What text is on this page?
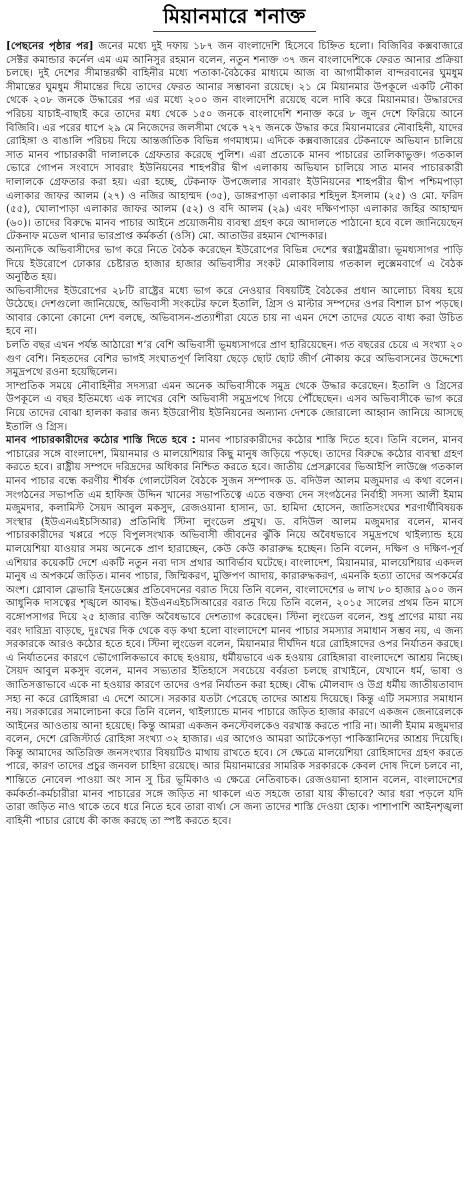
মিয়ানমারে শনাক্ত

[পেছনের পৃষ্ঠার পর] জনের মধ্যে দুই দফায় ১৮৭ জন বাংলাদেশি হিসেবে চিহ্নিত হলো। বিজিবির কক্সবাজারে সেক্টর কমান্ডার কর্নেল এম এম আনিসুর রহমান বলেন, নতুন শনাক্ত ৩৭ জন বাংলাদেশিকে ফেরত আনার প্রক্রিয়া চলছে। দুই দেশের সীমান্তরক্ষী বাহিনীর মধ্যে পতাকা-বৈঠকের মাধ্যমে আজ বা আগামীকাল বান্দরবানের ঘুমধুম সীমান্তের ঘুমধুম সীমান্তের দিয়ে তাদের ফেরত আনার সম্ভাবনা রয়েছে। ২১ মে মিয়ানমার উপকূলে একটি নৌকা থেকে ২০৮ জনকে উদ্ধারের পর এর মধ্যে ২০০ জন বাংলাদেশি রয়েছে বলে দাবি করে মিয়ানমার। উদ্ধারদের পরিচয় যাচাই-বাছাই করে তাদের মধ্য থেকে ১৫০ জনকে বাংলাদেশি শনাক্ত করে ৮ জুন দেশে ফিরিয়ে আনে বিজিবি। এর পরের ধাপে ২৯ মে নিজেদের জলসীমা থেকে ৭২৭ জনকে উদ্ধার করে মিয়ানমারের নৌবাহিনী, যাদের রোহিঙ্গা ও বাঙালি পরিচয় দিয়ে আন্তর্জাতিক বিভিন্ন গণমাধ্যম। এদিকে কক্সবাজারের টেকনাফে অভিযান চালিয়ে সাত মানব পাচারকারী দালালকে গ্রেফতার করেছে পুলিশ। এরা প্রত্যেকে মানব পাচারের তালিকাভুক্ত। গতকাল ভোরে গোপন সংবাদে সাবরাং ইউনিয়নের শাহপরীর দ্বীপ এলাকায় অভিযান চালিয়ে সাত মানব পাচারকারী দালালকে গ্রেফতার করা হয়। এরা হচ্ছে, টেকনাফ উপজেলার সাবরাং ইউনিয়নের শাহপরীর দ্বীপ পশ্চিমপাড়া এলাকার জাফর আলম (২৭) ও নজির আহাম্মদ (৩৫), ডাঙ্গরপাড়া এলাকার শহিদুল ইসলাম (২৫) ও মো. ফরিদ (৫৫), ঘোলাপাড়া এলাকার জাফর আলম (৫২) ও বদি আলম (২৯) এবং দক্ষিণপাড়া এলাকার জহির আহাম্মদ (৬০)। তাদের বিরুদ্ধে মানব পাচার আইনে প্রয়োজনীয় ব্যবস্থা গ্রহণ করে আদালতে পাঠানো হবে বলে জানিয়েছেন টেকনাফ মডেল থানার ভারপ্রাপ্ত কর্মকর্তা (ওসি) মো. আতাউর রহমান খোন্দকার।

অন্যদিকে অভিবাসীদের ভাগ করে নিতে বৈঠক করেছেন ইউরোপের বিভিন্ন দেশের স্বরাষ্ট্রমন্ত্রীরা। ভূমধ্যসাগর পাড়ি দিয়ে ইউরোপে ঢোকার চেষ্টারত হাজার হাজার অভিবাসীর সংকট মোকাবিলায় গতকাল লুক্সেমবার্গে এ বৈঠক অনুষ্ঠিত হয়।

অভিবাসীদের ইউরোপের ২৮টি রাষ্ট্রের মধ্যে ভাগ করে নেওয়ার বিষয়টিই বৈঠকের প্রধান আলোচ্য বিষয় হয়ে উঠেছে। দেশগুলো জানিয়েছে, অভিবাসী সংকটের ফলে ইতালি, গ্রিস ও মাল্টার সম্পদের ওপর বিশাল চাপ পড়ছে। আবার কোনো কোনো দেশ বলছে, অভিবাসন-প্রত্যাশীরা যেতে চায় না এমন দেশে তাদের যেতে বাধ্য করা উচিত হবে না।

চলতি বছর এখন পর্যন্ত আঠারো শ’র বেশি অভিবাসী ভূমধ্যসাগরে প্রাণ হারিয়েছেন। গত বছরের চেয়ে এ সংখ্যা ২০ গুণ বেশি। নিহতদের বেশির ভাগই সংঘাতপূর্ণ লিবিয়া ছেড়ে ছোট ছোট জীর্ণ নৌকায় করে অভিবাসনের উদ্দেশ্যে সমুদ্রপথে রওনা হয়েছিলেন।

সাম্প্রতিক সময়ে নৌবাহিনীর সদস্যরা এমন অনেক অভিবাসীকে সমুদ্র থেকে উদ্ধার করেছেন। ইতালি ও গ্রিসের উপকূলে এ বছর ইতিমধ্যে এক লাখের বেশি অভিবাসী সমুদ্রপথে গিয়ে পৌঁছেছেন। এসব অভিবাসীকে ভাগ করে নিয়ে তাদের বোঝা হালকা করার জন্য ইউরোপীয় ইউনিয়নের অন্যান্য দেশকে জোরালো আহ্বান জানিয়ে আসছে ইতালি ও গ্রিস।

মানব পাচারকারীদের কঠোর শাস্তি দিতে হবে : মানব পাচারকারীদের কঠোর শাস্তি দিতে হবে। তিনি বলেন, মানব পাচারের সঙ্গে বাংলাদেশ, মিয়ানমার ও মালয়েশিয়ার কিছু মানুষ জড়িয়ে পড়ছে। তাদের বিরুদ্ধে কঠোর ব্যবস্থা গ্রহণ করতে হবে। রাষ্ট্রীয় সম্পদে দরিদ্রদের অধিকার নিশ্চিত করতে হবে। জাতীয় প্রেসক্লাবের ভিআইপি লাউঞ্জে গতকাল মানব পাচার বন্ধে করণীয় শীর্ষক গোলটেবিল বৈঠকে সুজন সম্পাদক ড. বদিউল আলম মজুমদার এ কথা বলেন। সংগঠনের সভাপতি এম হাফিজ উদ্দিন খানের সভাপতিত্বে এতে বক্তব্য দেন সংগঠনের নির্বাহী সদস্য আলী ইমাম মজুমদার, কলামিস্ট সৈয়দ আবুল মকসুদ, রেজওয়ানা হাসান, ডা. হামিদা হোসেন, জাতিসংঘের শরণার্থীবিষয়ক সংস্থার (ইউএনএইচসিআর) প্রতিনিধি স্টিনা লুংডেল প্রমুখ। ড. বদিউল আলম মজুমদার বলেন, মানব পাচারকারীদের খপ্পরে পড়ে বিপুলসংখ্যক অভিবাসী জীবনের ঝুঁকি নিয়ে অবৈধভাবে সমুদ্রপথে থাইল্যান্ড হয়ে মালয়েশিয়া যাওয়ার সময় অনেকে প্রাণ হারাচ্ছেন, কেউ কেউ কারারুদ্ধ হচ্ছেন। তিনি বলেন, দক্ষিণ ও দক্ষিণ-পূর্ব এশিয়ার কয়েকটি দেশে একটি নতুন নব্য দাস প্রথার আবির্ভাব ঘটেছে। বাংলাদেশ, মিয়ানমার, মালয়েশিয়ার একদল মানুষ এ অপকর্মে জড়িত। মানব পাচার, জিম্মিকরণ, মুক্তিপণ আদায়, কারারুদ্ধকরণ, এমনকি হত্যা তাদের অপকর্মের অংশ। গ্লোবাল স্লেভারি ইনডেক্সের প্রতিবেদনের বরাত দিয়ে তিনি বলেন, বাংলাদেশের ৬ লাখ ৮০ হাজার ৯০০ জন আধুনিক দাসত্বের শৃঙ্খলে আবদ্ধ। ইউএনএইচসিআরের বরাত দিয়ে তিনি বলেন, ২০১৫ সালের প্রথম তিন মাসে বঙ্গোপসাগর দিয়ে ২৫ হাজার ব্যক্তি অবৈধভাবে দেশত্যাগ করেছেন। স্টিনা লুংডেল বলেন, শুধু প্রাণের মায়া নয় বরং দারিদ্র্য বাড়ছে, দুঃখের দিক থেকে বড় কথা হলো বাংলাদেশে মানব পাচার সমস্যার সমাধান সম্ভব নয়, এ জন্য সরকারকে আরও কঠোর হতে হবে। স্টিনা লুংডেল বলেন, মিয়ানমার দীর্ঘদিন ধরে রোহিঙ্গাদের ওপর নির্যাতন করছে। এ নির্যাতনের কারণে ভৌগোলিকভাবে কাছে হওয়ায়, ধর্মীয়ভাবে এক হওয়ায় রোহিঙ্গারা বাংলাদেশে আশ্রয় নিচ্ছে। সৈয়দ আবুল মকসুদ বলেন, মানব সভ্যতার ইতিহাসে সবচেয়ে বর্বরতা চলছে রাখাইনে, যেখানে ধর্ম, ভাষা ও জাতিসত্তাভাবে একে না হওয়ার কারণে তাদের ওপর নির্যাতন করা হচ্ছে। বৌদ্ধ মৌলবাদ ও উগ্র ধর্মীয় জাতীয়তাবাদ সহ্য না করে রোহিঙ্গারা এ দেশে আসে। সরকার যতটা পেরেছে তাদের আশ্রয় দিয়েছে। কিন্তু এটি সমস্যার সমাধান নয়। সরকারের সমালোচনা করে তিনি বলেন, থাইল্যান্ডে মানব পাচারে জড়িত হাজার কারণে একজন জেনারেলকে আইনের আওতায় আনা হয়েছে। কিন্তু আমরা একজন কনস্টেবলকেও বরখাস্ত করতে পারি না। আলী ইমাম মজুমদার বলেন, দেশে রেজিস্টার্ড রোহিঙ্গা সংখ্যা ৩২ হাজার। এর আগেও আমরা আটকেপড়া পাকিস্তানিদের আশ্রয় দিয়েছি। কিন্তু আমাদের অতিরিক্ত জনসংখ্যার বিষয়টিও মাথায় রাখতে হবে। সে ক্ষেত্রে মালয়েশিয়া রোহিঙ্গাদের গ্রহণ করতে পারে, কারণ তাদের প্রচুর জনবল চাহিদা রয়েছে। আর মিয়ানমারের সামরিক সরকারকে কেবল দোষ দিলে চলবে না, শান্তিতে নোবেল পাওয়া অং সান সু চির ভূমিকাও এ ক্ষেত্রে নেতিবাচক। রেজওয়ানা হাসান বলেন, বাংলাদেশের কর্মকর্তা-কর্মচারীরা মানব পাচারের সঙ্গে জড়িত না থাকলে এত সহজে তারা যায় কীভাবে? আর ধরা পড়লে যদি তারা জড়িত নাও থাকে তবে ধরে নিতে হবে তারা ব্যর্থ। সে জন্য তাদের শাস্তি দেওয়া হোক। পাশাপাশি আইনশৃঙ্খলা বাহিনী পাচার রোধে কী কাজ করছে তা স্পষ্ট করতে হবে।
